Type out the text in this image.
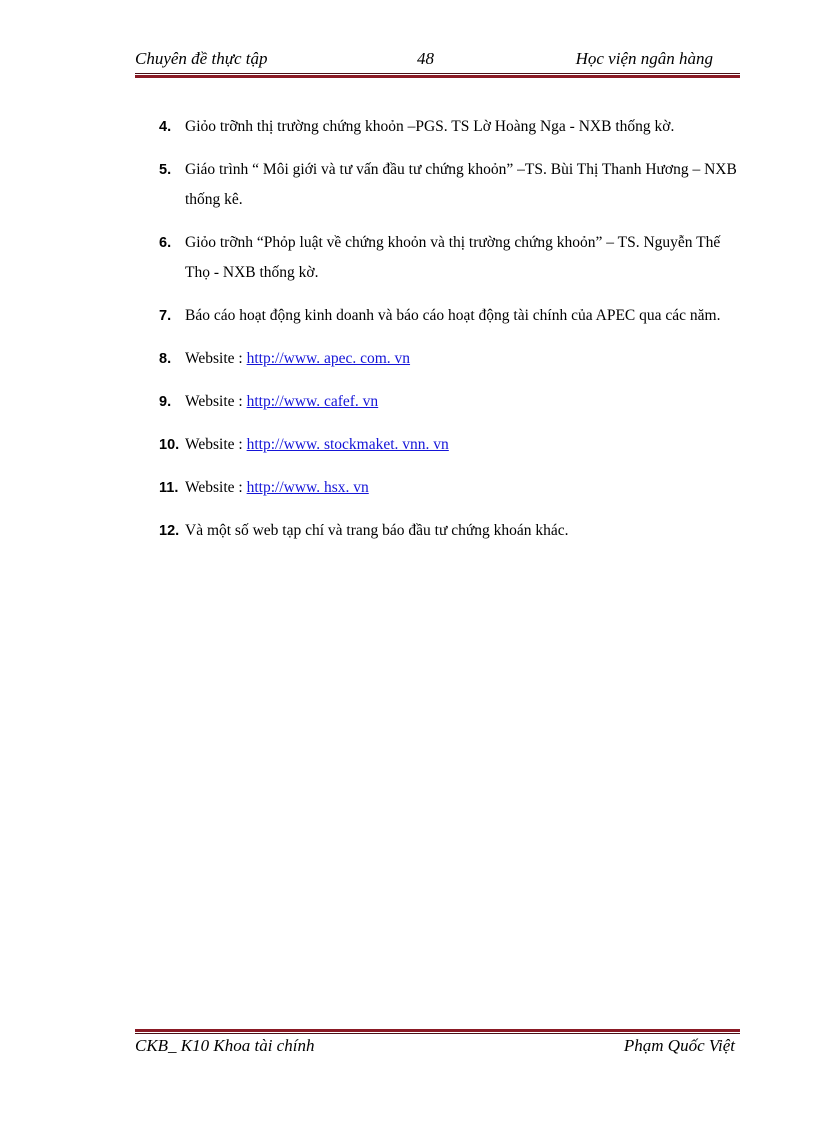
Chuyên đề thực tập	48	Học viện ngân hàng
4. Giỏo trỡnh thị trường chứng khoỏn –PGS. TS Lờ Hoàng Nga - NXB thống kờ.
5. Giáo trình “ Môi giới và tư vấn đầu tư chứng khoỏn” –TS. Bùi Thị Thanh Hương – NXB thống kê.
6. Giỏo trỡnh “Phỏp luật về chứng khoỏn và thị trường chứng khoỏn” – TS. Nguyễn Thế Thọ - NXB thống kờ.
7. Báo cáo hoạt động kinh doanh và báo cáo hoạt động tài chính của APEC qua các năm.
8. Website : http://www. apec. com. vn
9. Website : http://www. cafef. vn
10. Website : http://www. stockmaket. vnn. vn
11. Website : http://www. hsx. vn
12. Và một số web tạp chí và trang báo đầu tư chứng khoán khác.
CKB_ K10 Khoa tài chính	Phạm Quốc Việt
